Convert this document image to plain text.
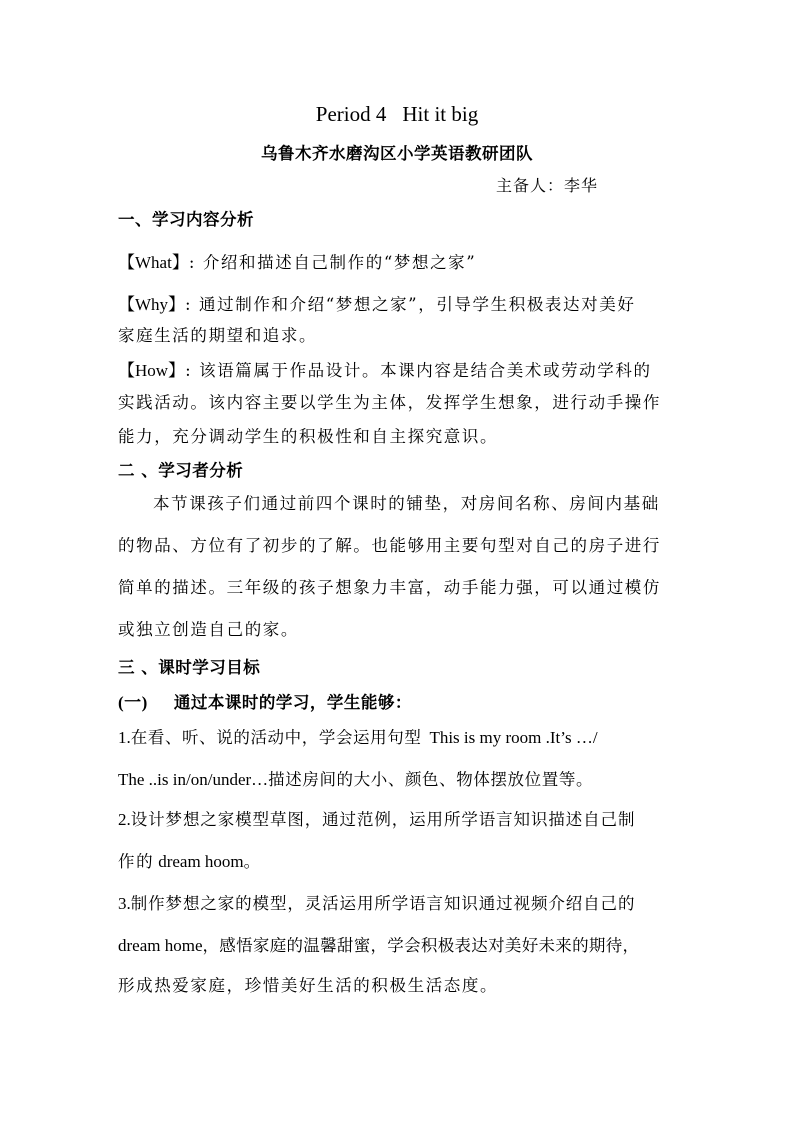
Period 4 Hit it big
乌鲁木齐水磨沟区小学英语教研团队
主备人：李华
一、学习内容分析
【What】: 介绍和描述自己制作的“梦想之家”
【Why】: 通过制作和介绍“梦想之家”，引导学生积极表达对美好
家庭生活的期望和追求。
【How】: 该语篇属于作品设计。本课内容是结合美术或劳动学科的
实践活动。该内容主要以学生为主体，发挥学生想象，进行动手操作
能力，充分调动学生的积极性和自主探究意识。
二 、学习者分析
本节课孩子们通过前四个课时的铺垫，对房间名称、房间内基础
的物品、方位有了初步的了解。也能够用主要句型对自己的房子进行
简单的描述。三年级的孩子想象力丰富，动手能力强，可以通过模仿
或独立创造自己的家。
三 、课时学习目标
(一) 通过本课时的学习，学生能够：
1.在看、听、说的活动中，学会运用句型 This is my room .It’s …/
The ..is in/on/under…描述房间的大小、颜色、物体摆放位置等。
2.设计梦想之家模型草图，通过范例，运用所学语言知识描述自己制
作的 dream hoom。
3.制作梦想之家的模型，灵活运用所学语言知识通过视频介绍自己的
dream home，感悟家庭的温馨甜蜜，学会积极表达对美好未来的期待，
形成热爱家庭，珍惜美好生活的积极生活态度。
